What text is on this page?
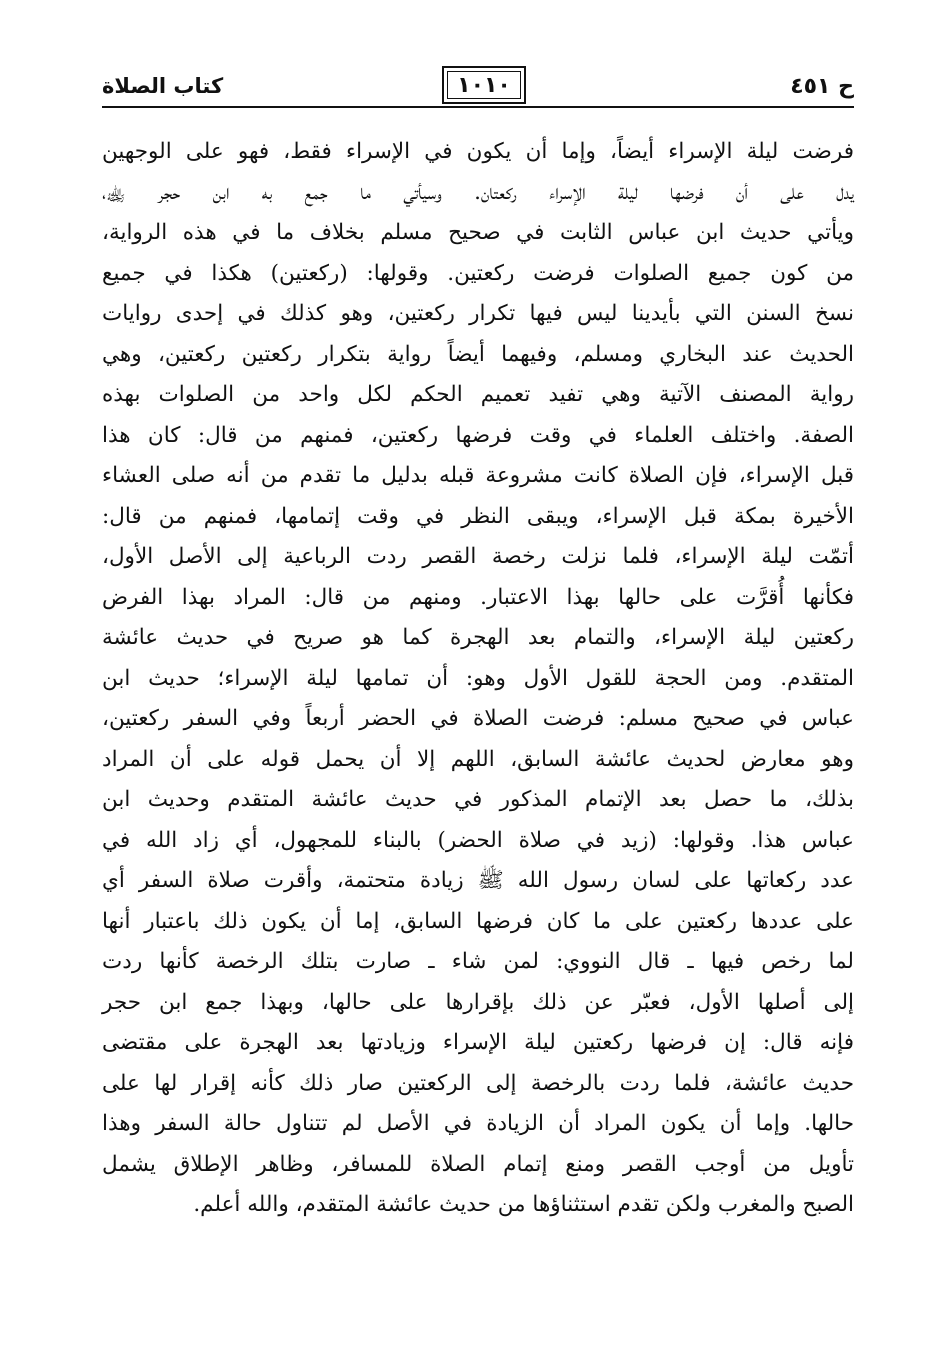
ح ٤٥١
١٠١٠
كتاب الصلاة
فرضت ليلة الإسراء أيضاً، وإما أن يكون في الإسراء فقط، فهو على الوجهين
يدل على أن فرضها ليلة الإسراء ركعتان. وسيأتي ما جمع به ابن حجر ﵀،
ويأتي حديث ابن عباس الثابت في صحيح مسلم بخلاف ما في هذه الرواية،
من كون جميع الصلوات فرضت ركعتين. وقولها: (ركعتين) هكذا في جميع
نسخ السنن التي بأيدينا ليس فيها تكرار ركعتين، وهو كذلك في إحدى روايات
الحديث عند البخاري ومسلم، وفيهما أيضاً رواية بتكرار ركعتين ركعتين، وهي
رواية المصنف الآتية وهي تفيد تعميم الحكم لكل واحد من الصلوات بهذه
الصفة. واختلف العلماء في وقت فرضها ركعتين، فمنهم من قال: كان هذا
قبل الإسراء، فإن الصلاة كانت مشروعة قبله بدليل ما تقدم من أنه صلى العشاء
الأخيرة بمكة قبل الإسراء، ويبقى النظر في وقت إتمامها، فمنهم من قال:
أتمّت ليلة الإسراء، فلما نزلت رخصة القصر ردت الرباعية إلى الأصل الأول،
فكأنها أُقرَّت على حالها بهذا الاعتبار. ومنهم من قال: المراد بهذا الفرض
ركعتين ليلة الإسراء، والتمام بعد الهجرة كما هو صريح في حديث عائشة
المتقدم. ومن الحجة للقول الأول وهو: أن تمامها ليلة الإسراء؛ حديث ابن
عباس في صحيح مسلم: فرضت الصلاة في الحضر أربعاً وفي السفر ركعتين،
وهو معارض لحديث عائشة السابق، اللهم إلا أن يحمل قوله على أن المراد
بذلك، ما حصل بعد الإتمام المذكور في حديث عائشة المتقدم وحديث ابن
عباس هذا. وقولها: (زيد في صلاة الحضر) بالبناء للمجهول، أي زاد الله في
عدد ركعاتها على لسان رسول الله ﷺ زيادة متحتمة، وأقرت صلاة السفر أي
على عددها ركعتين على ما كان فرضها السابق، إما أن يكون ذلك باعتبار أنها
لما رخص فيها ـ قال النووي: لمن شاء ـ صارت بتلك الرخصة كأنها ردت
إلى أصلها الأول، فعبّر عن ذلك بإقرارها على حالها، وبهذا جمع ابن حجر
فإنه قال: إن فرضها ركعتين ليلة الإسراء وزيادتها بعد الهجرة على مقتضى
حديث عائشة، فلما ردت بالرخصة إلى الركعتين صار ذلك كأنه إقرار لها على
حالها. وإما أن يكون المراد أن الزيادة في الأصل لم تتناول حالة السفر وهذا
تأويل من أوجب القصر ومنع إتمام الصلاة للمسافر، وظاهر الإطلاق يشمل
الصبح والمغرب ولكن تقدم استثناؤها من حديث عائشة المتقدم، والله أعلم.
